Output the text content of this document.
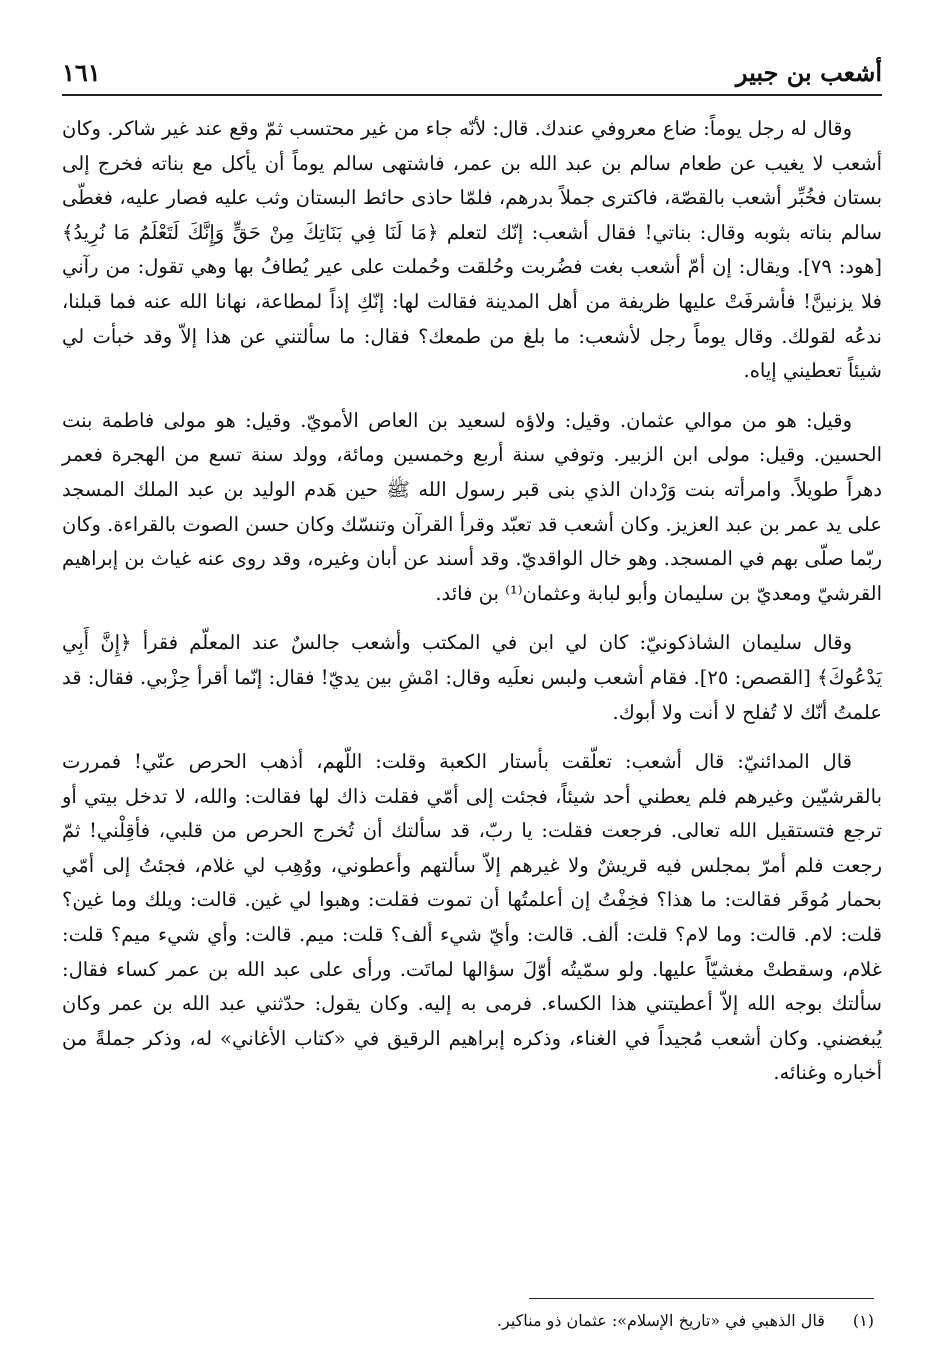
أشعب بن جبير
١٦١

وقال له رجل يوماً: ضاع معروفي عندك. قال: لأنّه جاء من غير محتسب ثمّ وقع عند غير شاكر. وكان أشعب لا يغيب عن طعام سالم بن عبد الله بن عمر، فاشتهى سالم يوماً أن يأكل مع بناته فخرج إلى بستان فخُبِّر أشعب بالقصّة، فاكترى جملاً بدرهم، فلمّا حاذى حائط البستان وثب عليه فصار عليه، فغطّى سالم بناته بثوبه وقال: بناتي! فقال أشعب: إنّك لتعلم ﴿مَا لَنَا فِي بَنَاتِكَ مِنْ حَقٍّ وَإِنَّكَ لَتَعْلَمُ مَا نُرِيدُ﴾ [هود: ٧٩]. ويقال: إن أمّ أشعب بغت فضُربت وحُلقت وحُملت على عير يُطافُ بها وهي تقول: من رآني فلا يزنينَّ! فأشرفَتْ عليها ظريفة من أهل المدينة فقالت لها: إنّكِ إذاً لمطاعة، نهانا الله عنه فما قبلنا، ندعُه لقولك. وقال يوماً رجل لأشعب: ما بلغ من طمعك؟ فقال: ما سألتني عن هذا إلاّ وقد خبأت لي شيئاً تعطيني إياه.

وقيل: هو من موالي عثمان. وقيل: ولاؤه لسعيد بن العاص الأمويّ. وقيل: هو مولى فاطمة بنت الحسين. وقيل: مولى ابن الزبير. وتوفي سنة أربع وخمسين ومائة، وولد سنة تسع من الهجرة فعمر دهراً طويلاً. وامرأته بنت وَرْدان الذي بنى قبر رسول الله ﷺ حين هَدم الوليد بن عبد الملك المسجد على يد عمر بن عبد العزيز. وكان أشعب قد تعبّد وقرأ القرآن وتنسّك وكان حسن الصوت بالقراءة. وكان ربّما صلّى بهم في المسجد. وهو خال الواقديّ. وقد أسند عن أبان وغيره، وقد روى عنه غياث بن إبراهيم القرشيّ ومعديّ بن سليمان وأبو لبابة وعثمان⁽¹⁾ بن فائد.

وقال سليمان الشاذكونيّ: كان لي ابن في المكتب وأشعب جالسٌ عند المعلّم فقرأ ﴿إِنَّ أَبِي يَدْعُوكَ﴾ [القصص: ٢٥]. فقام أشعب ولبس نعلَيه وقال: امْشِ بين يديّ! فقال: إنّما أقرأ حِزْبي. فقال: قد علمتُ أنّك لا تُفلح لا أنت ولا أبوك.

قال المدائنيّ: قال أشعب: تعلّقت بأستار الكعبة وقلت: اللّهم، أذهب الحرص عنّي! فمررت بالقرشيّين وغيرهم فلم يعطني أحد شيئاً، فجئت إلى أمّي فقلت ذاك لها فقالت: والله، لا تدخل بيتي أو ترجع فتستقيل الله تعالى. فرجعت فقلت: يا ربّ، قد سألتك أن تُخرج الحرص من قلبي، فأقِلْني! ثمّ رجعت فلم أمرّ بمجلس فيه قريشٌ ولا غيرهم إلاّ سألتهم وأعطوني، ووُهِب لي غلام، فجئتُ إلى أمّي بحمار مُوقَر فقالت: ما هذا؟ فخِفْتُ إن أعلمتُها أن تموت فقلت: وهبوا لي غين. قالت: ويلك وما غين؟ قلت: لام. قالت: وما لام؟ قلت: ألف. قالت: وأيّ شيء ألف؟ قلت: ميم. قالت: وأي شيء ميم؟ قلت: غلام، وسقطتْ مغشيّاً عليها. ولو سمّيتُه أوّلَ سؤالها لماتَت. ورأى على عبد الله بن عمر كساء فقال: سألتك بوجه الله إلاّ أعطيتني هذا الكساء. فرمى به إليه. وكان يقول: حدّثني عبد الله بن عمر وكان يُبغضني. وكان أشعب مُجيداً في الغناء، وذكره إبراهيم الرقيق في «كتاب الأغاني» له، وذكر جملةً من أخباره وغنائه.

(١)قال الذهبي في «تاريخ الإسلام»: عثمان ذو مناكير.
